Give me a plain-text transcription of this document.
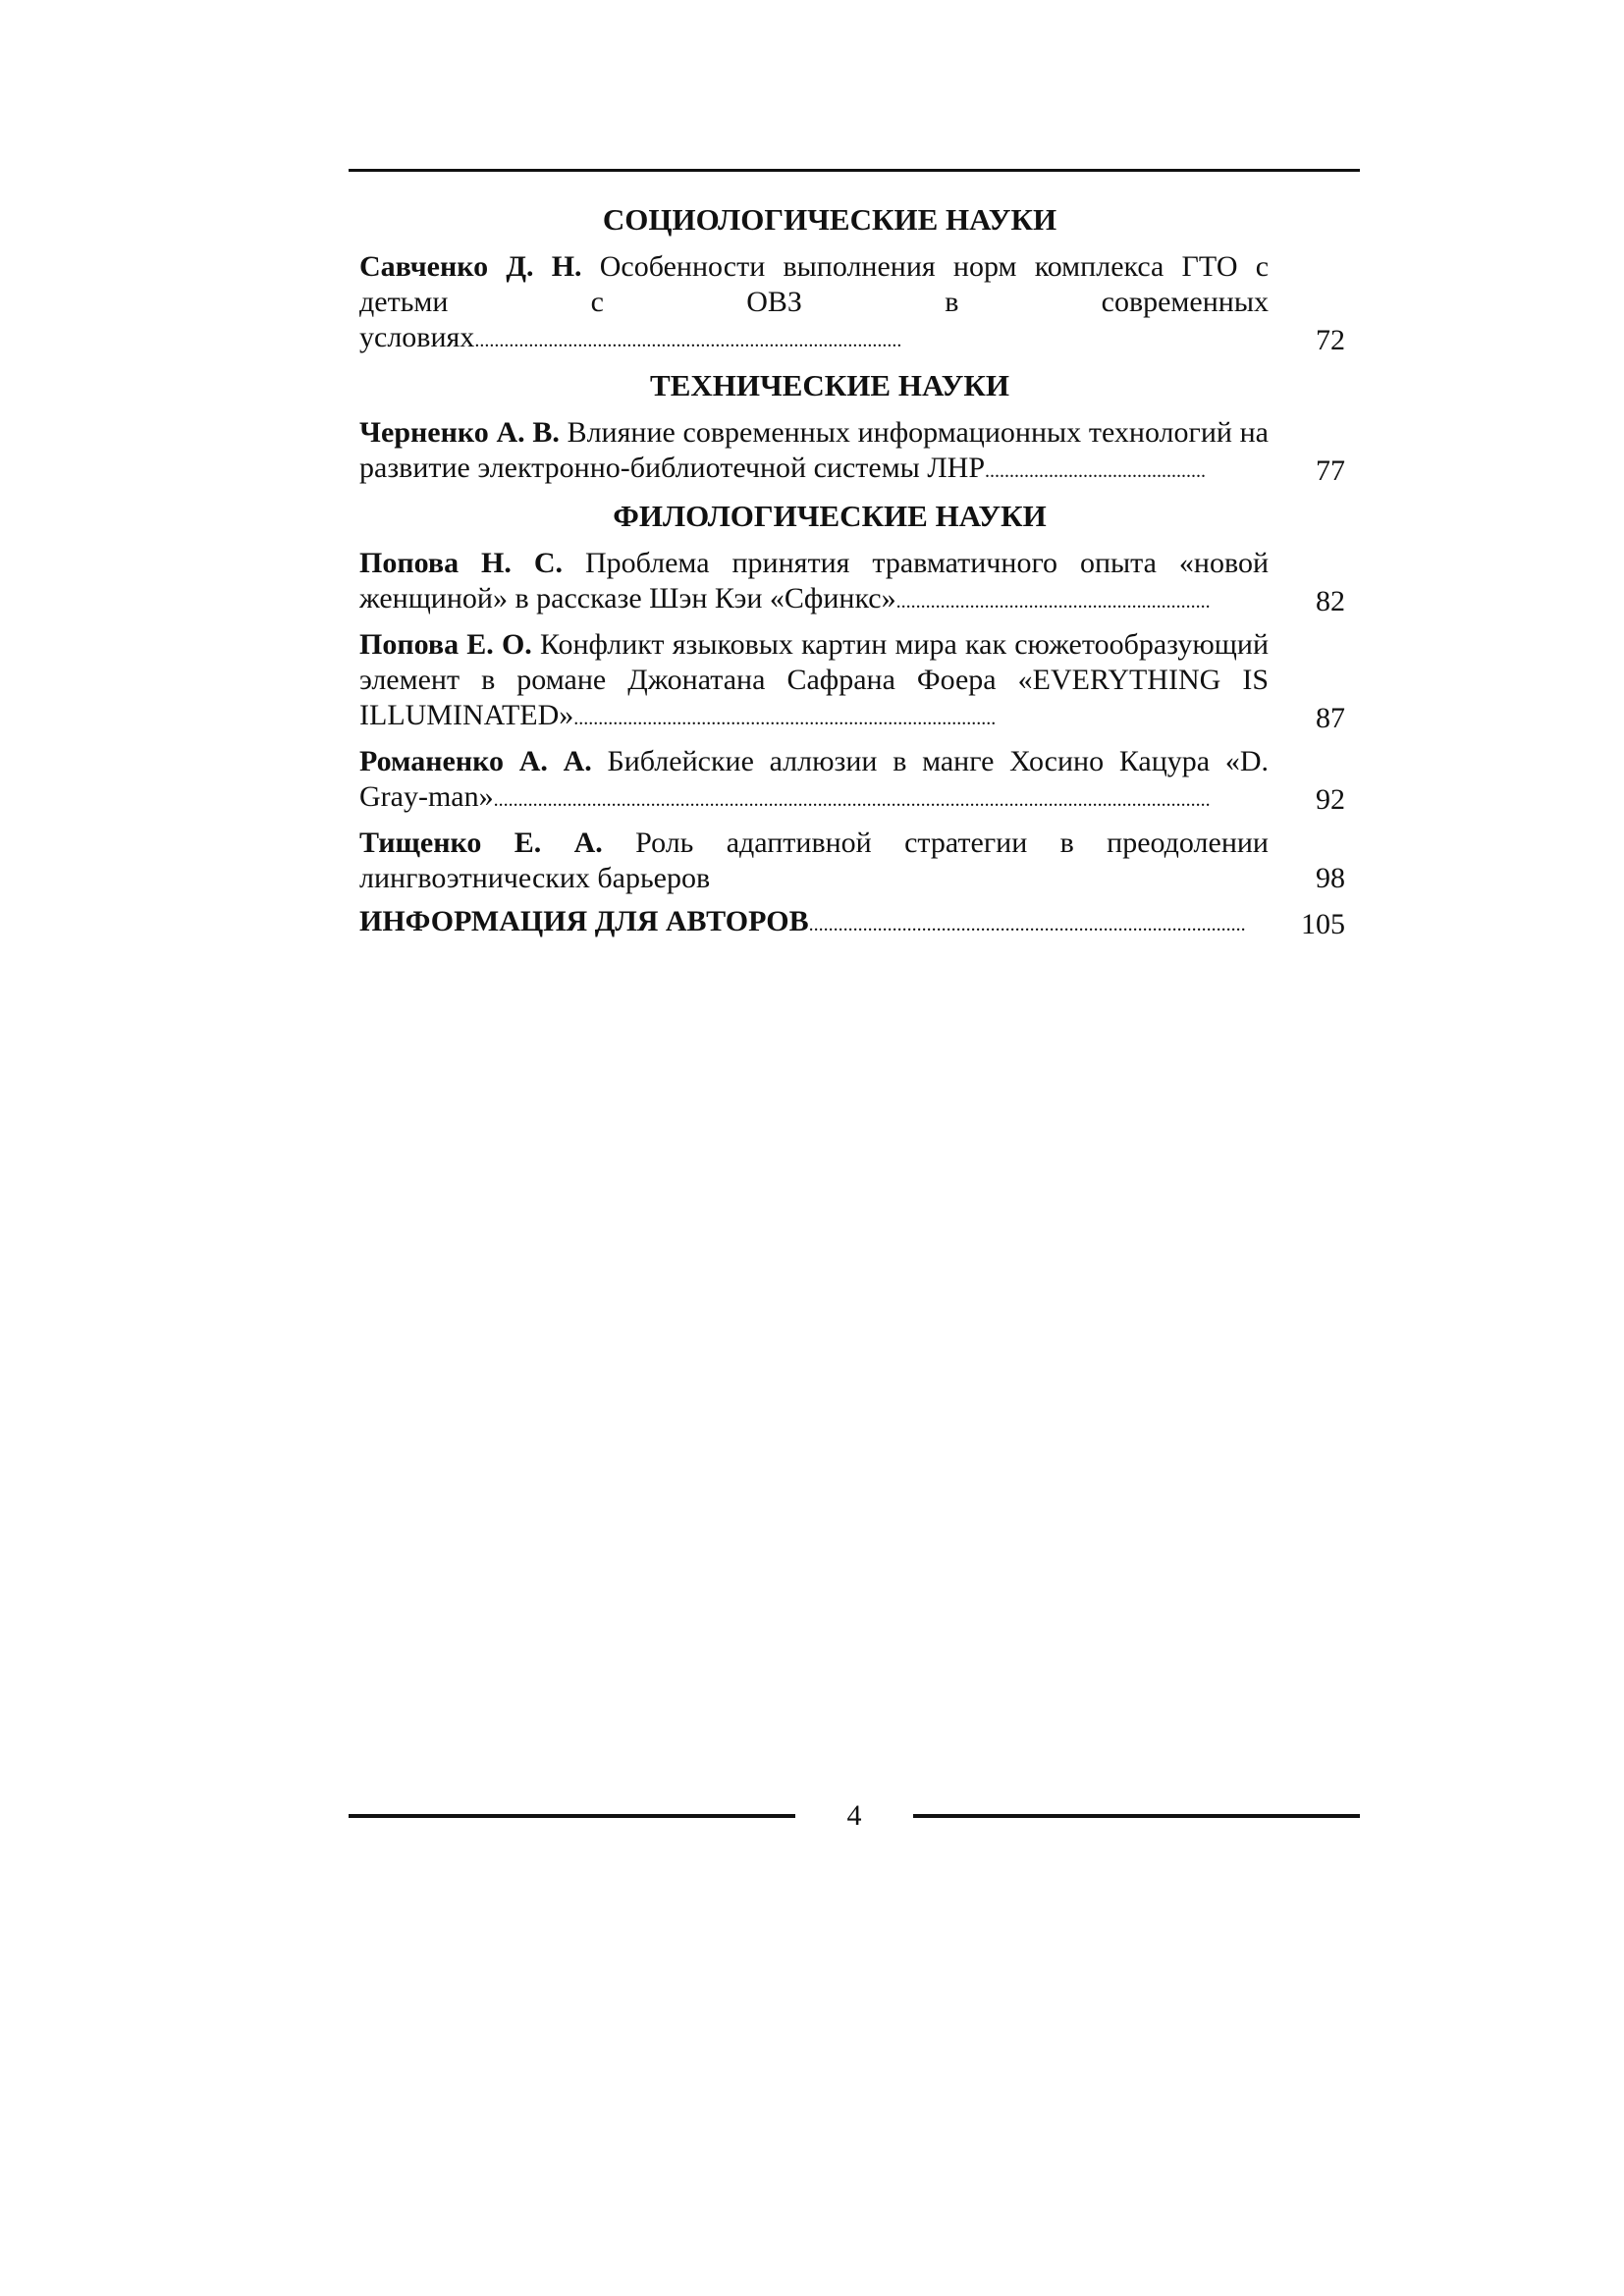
СОЦИОЛОГИЧЕСКИЕ НАУКИ
Савченко Д. Н. Особенности выполнения норм комплекса ГТО с детьми с ОВЗ в современных условиях.......................................................................................	72
ТЕХНИЧЕСКИЕ НАУКИ
Черненко А. В. Влияние современных информационных технологий на развитие электронно-библиотечной системы ЛНР.............................................	77
ФИЛОЛОГИЧЕСКИЕ НАУКИ
Попова Н. С. Проблема принятия травматичного опыта «новой женщиной» в рассказе Шэн Кэи «Сфинкс»................................................................	82
Попова Е. О. Конфликт языковых картин мира как сюжетообразующий элемент в романе Джонатана Сафрана Фоера «EVERYTHING IS ILLUMINATED»......................................................................................	87
Романенко А. А. Библейские аллюзии в манге Хосино Кацура «D. Gray-man»..................................................................................................................................................	92
Тищенко Е. А. Роль адаптивной стратегии в преодолении лингвоэтнических барьеров	98
ИНФОРМАЦИЯ ДЛЯ АВТОРОВ.........................................................................................	105
4
